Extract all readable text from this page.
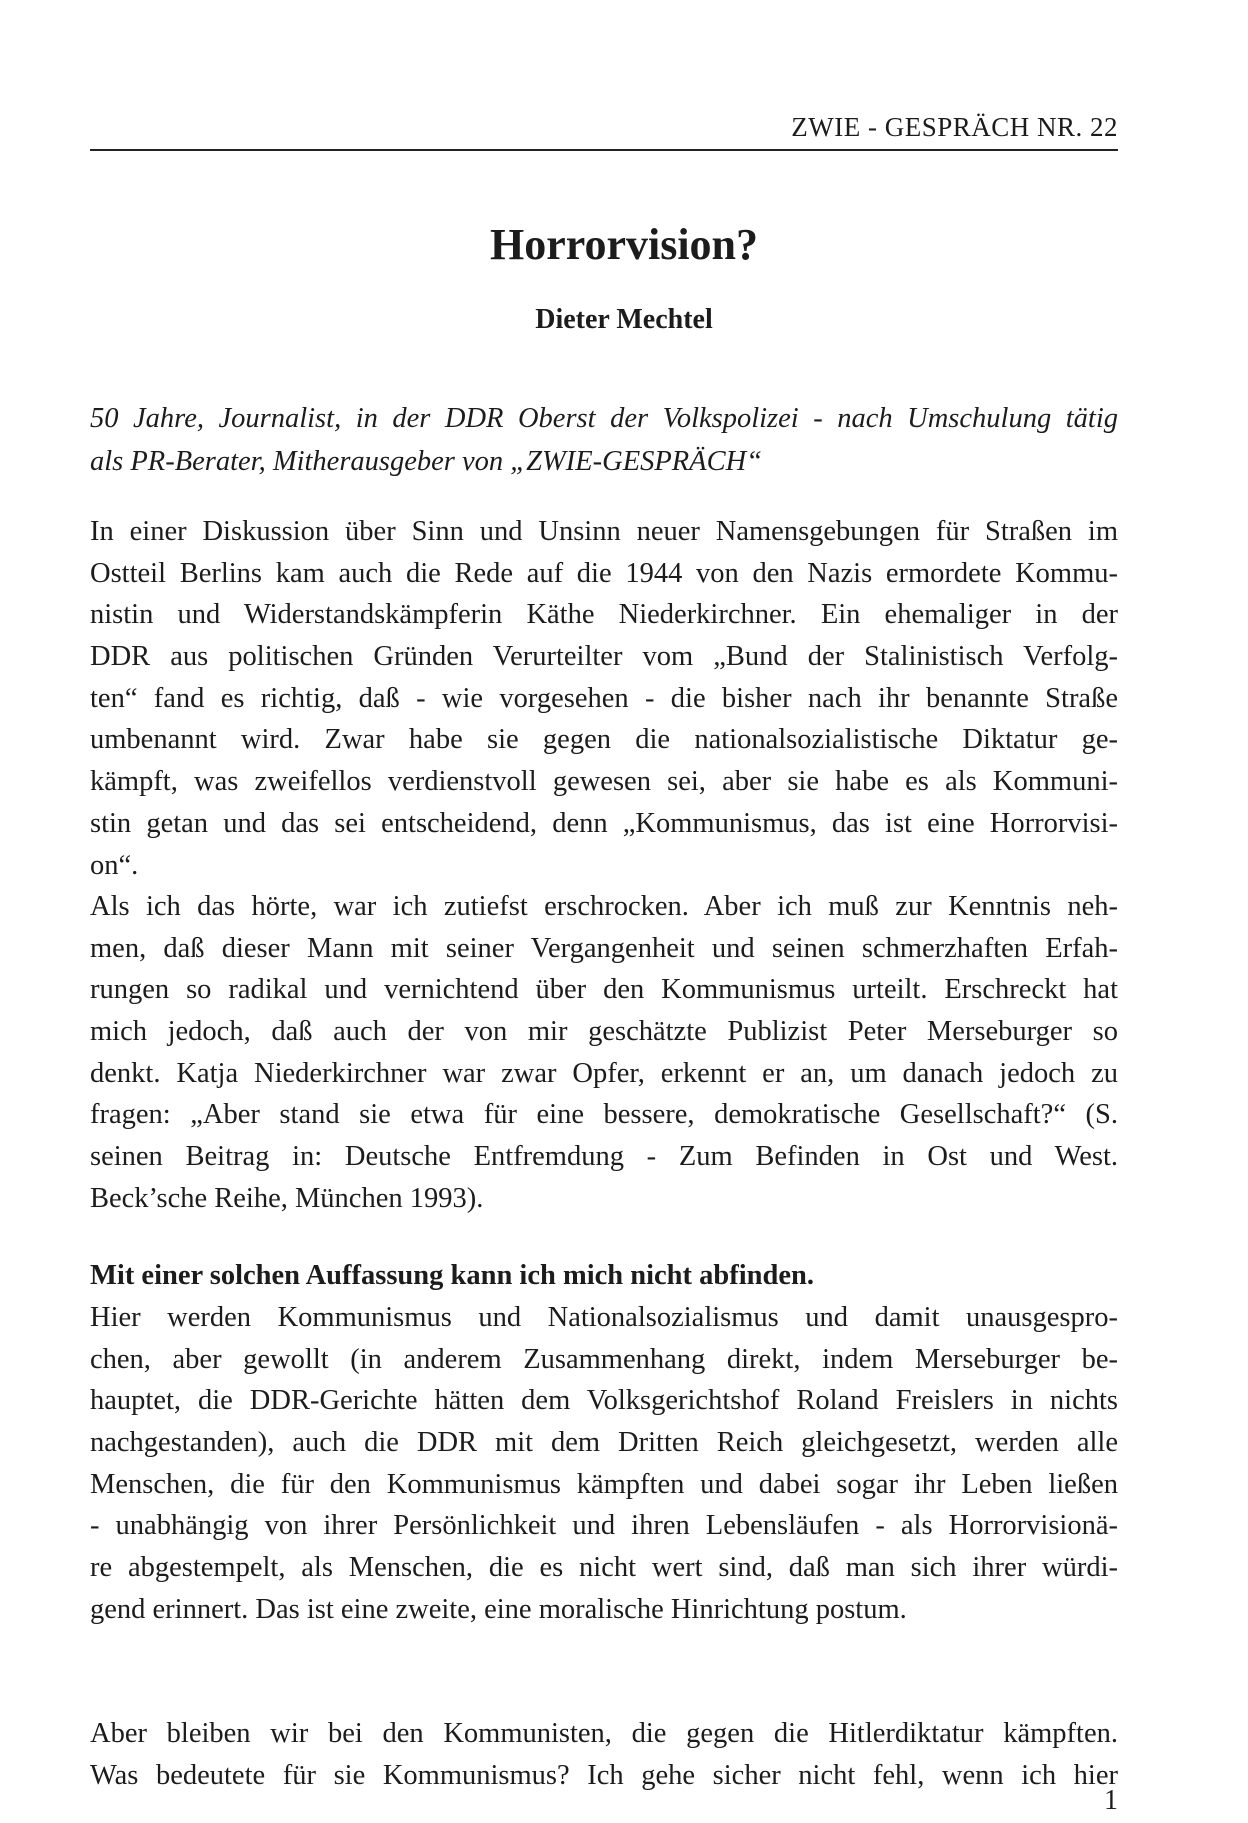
ZWIE - GESPRÄCH NR. 22
Horrorvision?
Dieter Mechtel
50 Jahre, Journalist, in der DDR Oberst der Volkspolizei - nach Umschulung tätig
als PR-Berater, Mitherausgeber von „ZWIE-GESPRÄCH“
In einer Diskussion über Sinn und Unsinn neuer Namensgebungen für Straßen im
Ostteil Berlins kam auch die Rede auf die 1944 von den Nazis ermordete Kommu-
nistin und Widerstandskämpferin Käthe Niederkirchner. Ein ehemaliger in der
DDR aus politischen Gründen Verurteilter vom „Bund der Stalinistisch Verfolg-
ten“ fand es richtig, daß - wie vorgesehen - die bisher nach ihr benannte Straße
umbenannt wird. Zwar habe sie gegen die nationalsozialistische Diktatur ge-
kämpft, was zweifellos verdienstvoll gewesen sei, aber sie habe es als Kommuni-
stin getan und das sei entscheidend, denn „Kommunismus, das ist eine Horrorvisi-
on“.
Als ich das hörte, war ich zutiefst erschrocken. Aber ich muß zur Kenntnis neh-
men, daß dieser Mann mit seiner Vergangenheit und seinen schmerzhaften Erfah-
rungen so radikal und vernichtend über den Kommunismus urteilt. Erschreckt hat
mich jedoch, daß auch der von mir geschätzte Publizist Peter Merseburger so
denkt. Katja Niederkirchner war zwar Opfer, erkennt er an, um danach jedoch zu
fragen: „Aber stand sie etwa für eine bessere, demokratische Gesellschaft?“ (S.
seinen Beitrag in: Deutsche Entfremdung - Zum Befinden in Ost und West.
Beck’sche Reihe, München 1993).
Mit einer solchen Auffassung kann ich mich nicht abfinden.
Hier werden Kommunismus und Nationalsozialismus und damit unausgespro-
chen, aber gewollt (in anderem Zusammenhang direkt, indem Merseburger be-
hauptet, die DDR-Gerichte hätten dem Volksgerichtshof Roland Freislers in nichts
nachgestanden), auch die DDR mit dem Dritten Reich gleichgesetzt, werden alle
Menschen, die für den Kommunismus kämpften und dabei sogar ihr Leben ließen
- unabhängig von ihrer Persönlichkeit und ihren Lebensläufen - als Horrorvisionä-
re abgestempelt, als Menschen, die es nicht wert sind, daß man sich ihrer würdi-
gend erinnert. Das ist eine zweite, eine moralische Hinrichtung postum.
Aber bleiben wir bei den Kommunisten, die gegen die Hitlerdiktatur kämpften.
Was bedeutete für sie Kommunismus? Ich gehe sicher nicht fehl, wenn ich hier
1
